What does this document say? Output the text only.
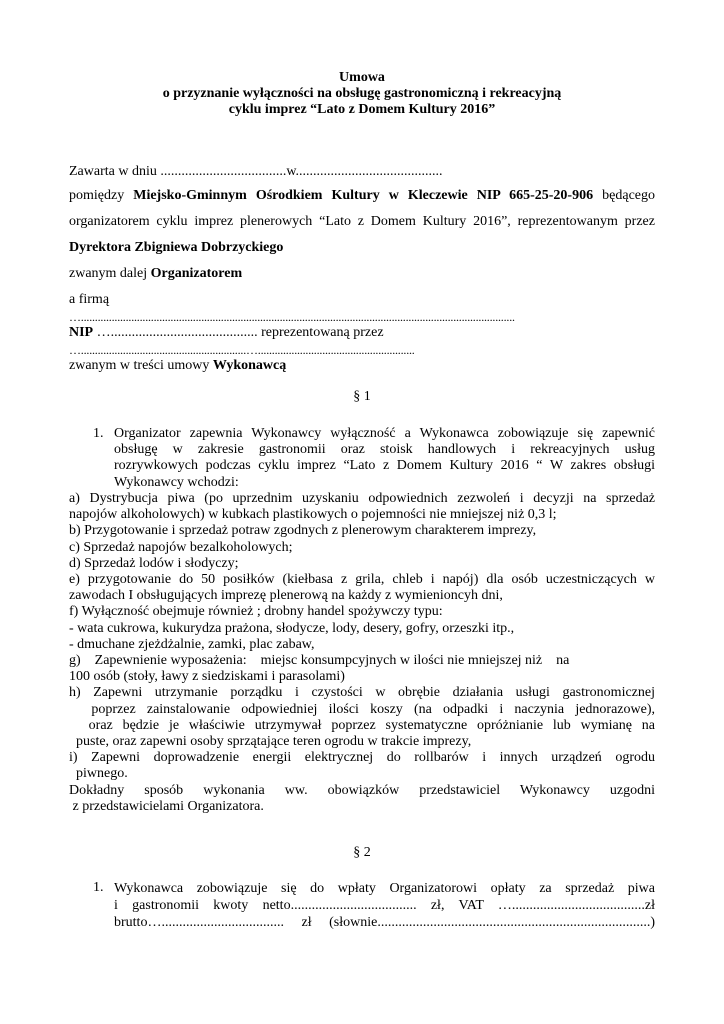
Umowa
o przyznanie wyłączności na obsługę gastronomiczną i rekreacyjną
cyklu imprez “Lato z Domem Kultury 2016”
Zawarta w dniu ....................................w..........................................
pomiędzy Miejsko-Gminnym Ośrodkiem Kultury w Kleczewie NIP 665-25-20-906 będącego
organizatorem cyklu imprez plenerowych “Lato z Domem Kultury 2016”, reprezentowanym przez
Dyrektora Zbigniewa Dobrzyckiego
zwanym dalej Organizatorem
a firmą
…...........................................................................................................................................................
NIP ….......................................... reprezentowaną przez
…...........................................................…........................................................
zwanym w treści umowy Wykonawcą
§ 1
1. Organizator zapewnia Wykonawcy wyłączność a Wykonawca zobowiązuje się zapewnić
obsługę w zakresie gastronomii oraz stoisk handlowych i rekreacyjnych usług
rozrywkowych podczas cyklu imprez “Lato z Domem Kultury 2016 “ W zakres obsługi
Wykonawcy wchodzi:
a) Dystrybucja piwa (po uprzednim uzyskaniu odpowiednich zezwoleń i decyzji na sprzedaż
napojów alkoholowych) w kubkach plastikowych o pojemności nie mniejszej niż 0,3 l;
b) Przygotowanie i sprzedaż potraw zgodnych z plenerowym charakterem imprezy,
c) Sprzedaż napojów bezalkoholowych;
d) Sprzedaż lodów i słodyczy;
e) przygotowanie do 50 posiłków (kiełbasa z grila, chleb i napój) dla osób uczestniczących w
zawodach I obsługujących imprezę plenerową na każdy z wymienioncyh dni,
f) Wyłączność obejmuje również ; drobny handel spożywczy typu:
- wata cukrowa, kukurydza prażona, słodycze, lody, desery, gofry, orzeszki itp.,
- dmuchane zjeżdżalnie, zamki, plac zabaw,
g)    Zapewnienie wyposażenia:    miejsc konsumpcyjnych w ilości nie mniejszej niż    na
100 osób (stoły, ławy z siedziskami i parasolami)
h) Zapewni utrzymanie porządku i czystości w obrębie działania usługi gastronomicznej
poprzez zainstalowanie odpowiedniej ilości koszy (na odpadki i naczynia jednorazowe),
oraz będzie je właściwie utrzymywał poprzez systematyczne opróżnianie lub wymianę na
puste, oraz zapewni osoby sprzątające teren ogrodu w trakcie imprezy,
i) Zapewni doprowadzenie energii elektrycznej do rollbarów i innych urządzeń ogrodu
piwnego.
Dokładny sposób wykonania ww. obowiązków przedstawiciel Wykonawcy uzgodni
z przedstawicielami Organizatora.
§ 2
1. Wykonawca zobowiązuje się do wpłaty Organizatorowi opłaty za sprzedaż piwa
i gastronomii kwoty netto.................................... zł, VAT …......................................zł
brutto…................................... zł (słownie..............................................................................)
